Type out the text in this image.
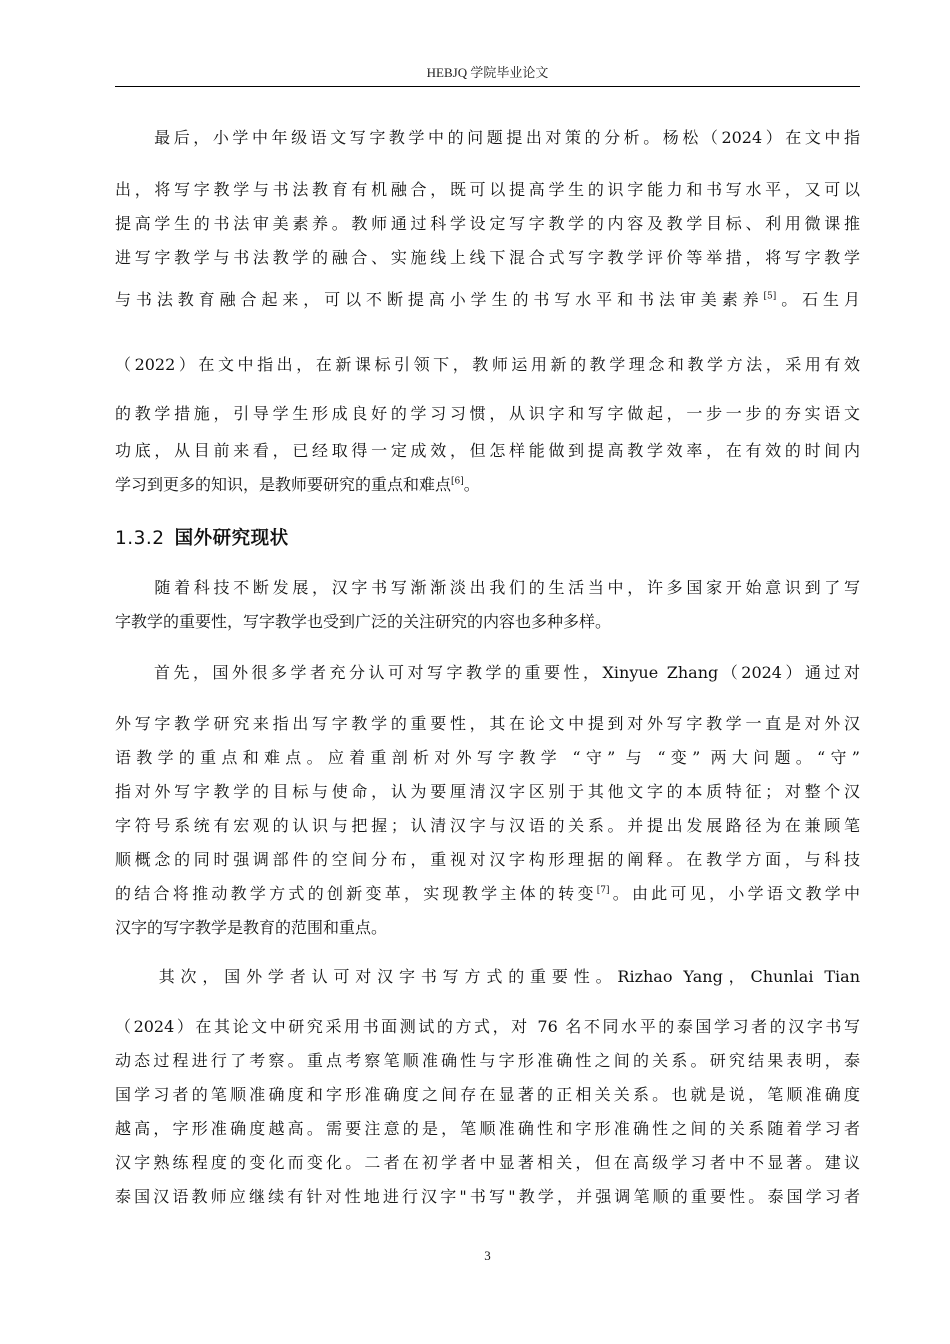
HEBJQ 学院毕业论文
　　最后，小学中年级语文写字教学中的问题提出对策的分析。杨松（2024）在文中指
出，将写字教学与书法教育有机融合，既可以提高学生的识字能力和书写水平，又可以
提高学生的书法审美素养。教师通过科学设定写字教学的内容及教学目标、利用微课推
进写字教学与书法教学的融合、实施线上线下混合式写字教学评价等举措，将写字教学
与书法教育融合起来，可以不断提高小学生的书写水平和书法审美素养[5]。石生月
（2022）在文中指出，在新课标引领下，教师运用新的教学理念和教学方法，采用有效
的教学措施，引导学生形成良好的学习习惯，从识字和写字做起，一步一步的夯实语文
功底，从目前来看，已经取得一定成效，但怎样能做到提高教学效率，在有效的时间内
学习到更多的知识，是教师要研究的重点和难点[6]。
1.3.2 国外研究现状
　　随着科技不断发展，汉字书写渐渐淡出我们的生活当中，许多国家开始意识到了写
字教学的重要性，写字教学也受到广泛的关注研究的内容也多种多样。
　　首先，国外很多学者充分认可对写字教学的重要性，Xinyue Zhang（2024）通过对
外写字教学研究来指出写字教学的重要性，其在论文中提到对外写字教学一直是对外汉
语教学的重点和难点。应着重剖析对外写字教学 “守” 与 “变” 两大问题。“守”
指对外写字教学的目标与使命，认为要厘清汉字区别于其他文字的本质特征；对整个汉
字符号系统有宏观的认识与把握；认清汉字与汉语的关系。并提出发展路径为在兼顾笔
顺概念的同时强调部件的空间分布，重视对汉字构形理据的阐释。在教学方面，与科技
的结合将推动教学方式的创新变革，实现教学主体的转变[7]。由此可见，小学语文教学中
汉字的写字教学是教育的范围和重点。
　　其次，国外学者认可对汉字书写方式的重要性。Rizhao Yang，Chunlai Tian
（2024）在其论文中研究采用书面测试的方式，对 76 名不同水平的泰国学习者的汉字书写
动态过程进行了考察。重点考察笔顺准确性与字形准确性之间的关系。研究结果表明，泰
国学习者的笔顺准确度和字形准确度之间存在显著的正相关关系。也就是说，笔顺准确度
越高，字形准确度越高。需要注意的是，笔顺准确性和字形准确性之间的关系随着学习者
汉字熟练程度的变化而变化。二者在初学者中显著相关，但在高级学习者中不显著。建议
泰国汉语教师应继续有针对性地进行汉字"书写"教学，并强调笔顺的重要性。泰国学习者
3
